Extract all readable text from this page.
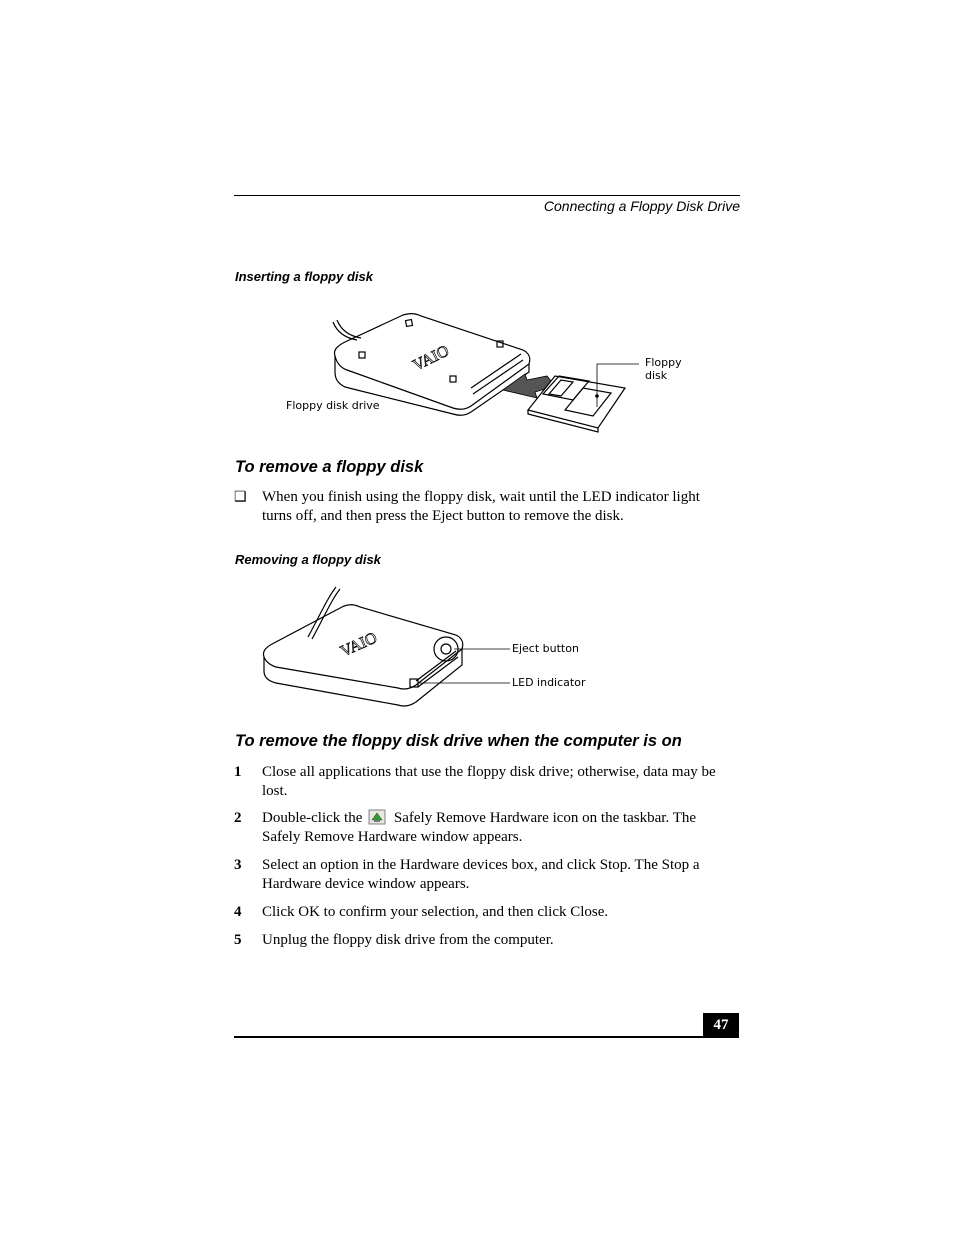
Connecting a Floppy Disk Drive
Inserting a floppy disk
VAIO
Floppy disk drive
Floppy
disk
To remove a floppy disk
❑ When you finish using the floppy disk, wait until the LED indicator light
turns off, and then press the Eject button to remove the disk.
Removing a floppy disk
VAIO	Eject button
LED indicator
To remove the floppy disk drive when the computer is on
1 Close all applications that use the floppy disk drive; otherwise, data may be
lost.
2 Double-click the Safely Remove Hardware icon on the taskbar. The
Safely Remove Hardware window appears.
3 Select an option in the Hardware devices box, and click Stop. The Stop a
Hardware device window appears.
4 Click OK to confirm your selection, and then click Close.
5 Unplug the floppy disk drive from the computer.
47
